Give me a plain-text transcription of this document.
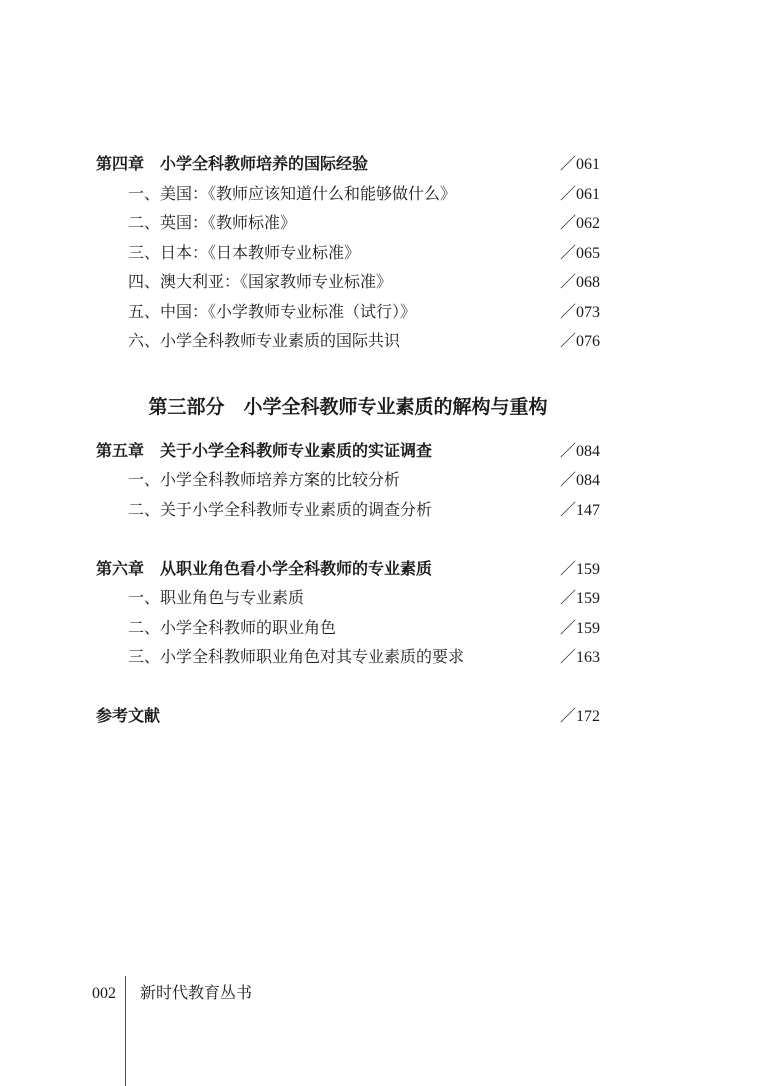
第四章　小学全科教师培养的国际经验	／061
一、美国：《教师应该知道什么和能够做什么》	／061
二、英国：《教师标准》	／062
三、日本：《日本教师专业标准》	／065
四、澳大利亚：《国家教师专业标准》	／068
五、中国：《小学教师专业标准（试行）》	／073
六、小学全科教师专业素质的国际共识	／076
第三部分　小学全科教师专业素质的解构与重构
第五章　关于小学全科教师专业素质的实证调查	／084
一、小学全科教师培养方案的比较分析	／084
二、关于小学全科教师专业素质的调查分析	／147
第六章　从职业角色看小学全科教师的专业素质	／159
一、职业角色与专业素质	／159
二、小学全科教师的职业角色	／159
三、小学全科教师职业角色对其专业素质的要求	／163
参考文献	／172
002 新时代教育丛书
